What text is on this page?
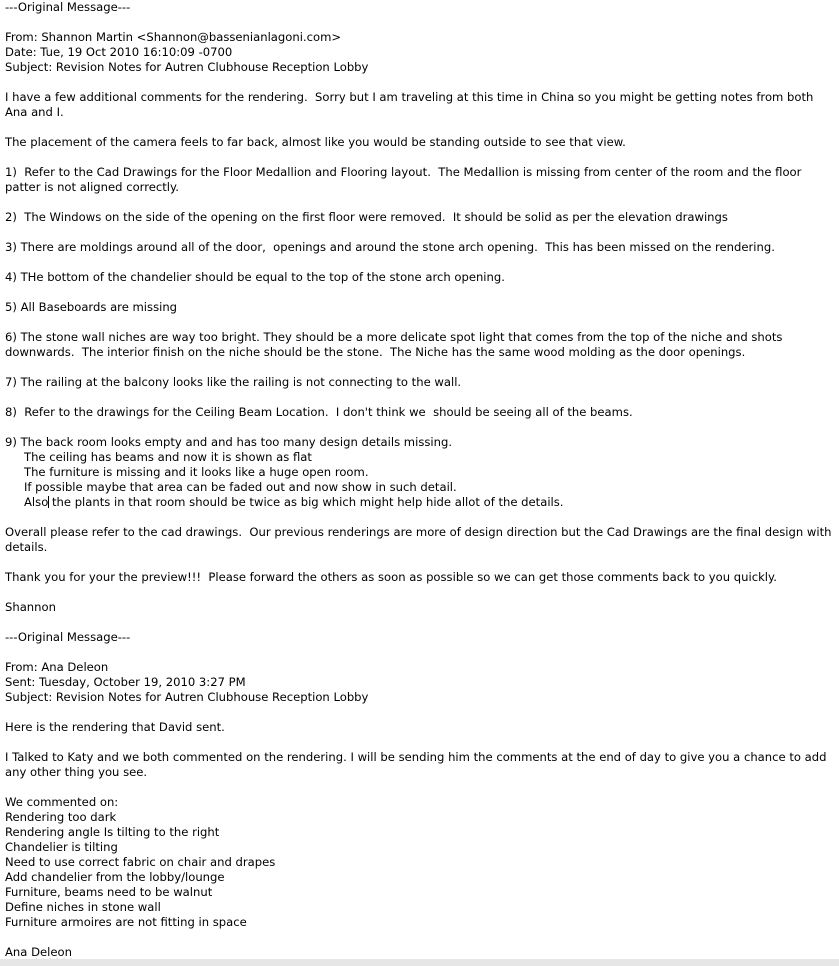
---Original Message---
From: Shannon Martin <Shannon@bassenianlagoni.com>
Date: Tue, 19 Oct 2010 16:10:09 -0700
Subject: Revision Notes for Autren Clubhouse Reception Lobby
I have a few additional comments for the rendering.  Sorry but I am traveling at this time in China so you might be getting notes from both Ana and I.
The placement of the camera feels to far back, almost like you would be standing outside to see that view.
1)  Refer to the Cad Drawings for the Floor Medallion and Flooring layout.  The Medallion is missing from center of the room and the floor patter is not aligned correctly.
2)  The Windows on the side of the opening on the first floor were removed.  It should be solid as per the elevation drawings
3) There are moldings around all of the door,  openings and around the stone arch opening.  This has been missed on the rendering.
4) THe bottom of the chandelier should be equal to the top of the stone arch opening.
5) All Baseboards are missing
6) The stone wall niches are way too bright. They should be a more delicate spot light that comes from the top of the niche and shots downwards.  The interior finish on the niche should be the stone.  The Niche has the same wood molding as the door openings.
7) The railing at the balcony looks like the railing is not connecting to the wall.
8)  Refer to the drawings for the Ceiling Beam Location.  I don't think we  should be seeing all of the beams.
9) The back room looks empty and and has too many design details missing.
The ceiling has beams and now it is shown as flat
The furniture is missing and it looks like a huge open room.
If possible maybe that area can be faded out and now show in such detail.
Also the plants in that room should be twice as big which might help hide allot of the details.
Overall please refer to the cad drawings.  Our previous renderings are more of design direction but the Cad Drawings are the final design with details.
Thank you for your the preview!!!  Please forward the others as soon as possible so we can get those comments back to you quickly.
Shannon
---Original Message---
From: Ana Deleon
Sent: Tuesday, October 19, 2010 3:27 PM
Subject: Revision Notes for Autren Clubhouse Reception Lobby
Here is the rendering that David sent.
I Talked to Katy and we both commented on the rendering. I will be sending him the comments at the end of day to give you a chance to add any other thing you see.
We commented on:
Rendering too dark
Rendering angle Is tilting to the right
Chandelier is tilting
Need to use correct fabric on chair and drapes
Add chandelier from the lobby/lounge
Furniture, beams need to be walnut
Define niches in stone wall
Furniture armoires are not fitting in space
Ana Deleon
